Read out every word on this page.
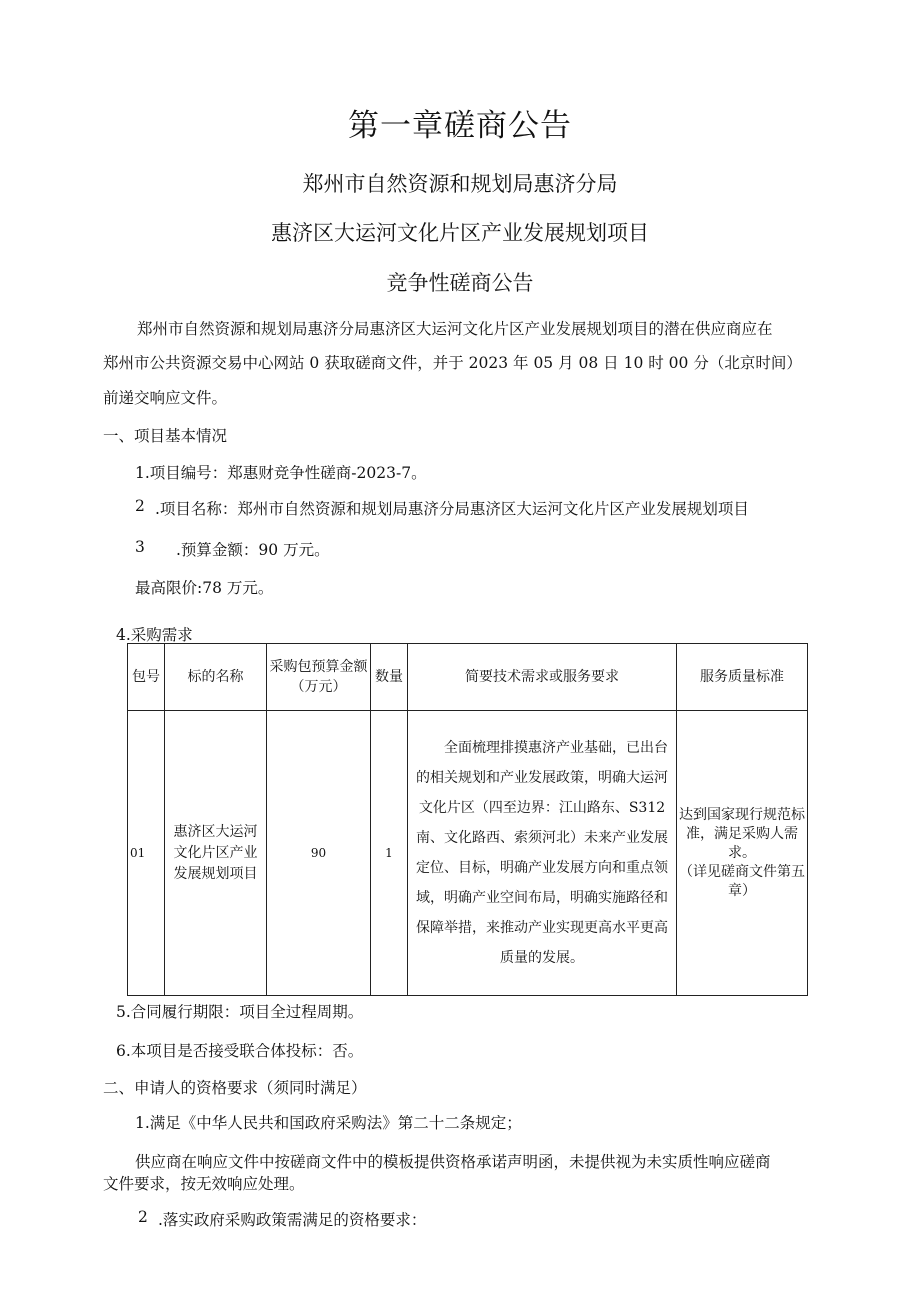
第一章磋商公告
郑州市自然资源和规划局惠济分局
惠济区大运河文化片区产业发展规划项目
竞争性磋商公告
郑州市自然资源和规划局惠济分局惠济区大运河文化片区产业发展规划项目的潜在供应商应在
郑州市公共资源交易中心网站 0 获取磋商文件，并于 2023 年 05 月 08 日 10 时 00 分（北京时间）
前递交响应文件。
一、项目基本情况
1.项目编号：郑惠财竞争性磋商-2023-7。
2 .项目名称：郑州市自然资源和规划局惠济分局惠济区大运河文化片区产业发展规划项目
3 .预算金额：90 万元。
最高限价:78 万元。
4.采购需求
包号	标的名称	采购包预算金额（万元）	数量	简要技术需求或服务要求	服务质量标准
01	惠济区大运河文化片区产业发展规划项目	90	1	全面梳理排摸惠济产业基础，已出台的相关规划和产业发展政策，明确大运河文化片区（四至边界：江山路东、S312 南、文化路西、索须河北）未来产业发展定位、目标，明确产业发展方向和重点领域，明确产业空间布局，明确实施路径和保障举措，来推动产业实现更高水平更高质量的发展。	达到国家现行规范标准，满足采购人需求。
（详见磋商文件第五章）
5.合同履行期限：项目全过程周期。
6.本项目是否接受联合体投标：否。
二、申请人的资格要求（须同时满足）
1.满足《中华人民共和国政府采购法》第二十二条规定；
供应商在响应文件中按磋商文件中的模板提供资格承诺声明函，未提供视为未实质性响应磋商
文件要求，按无效响应处理。
2 .落实政府采购政策需满足的资格要求：
